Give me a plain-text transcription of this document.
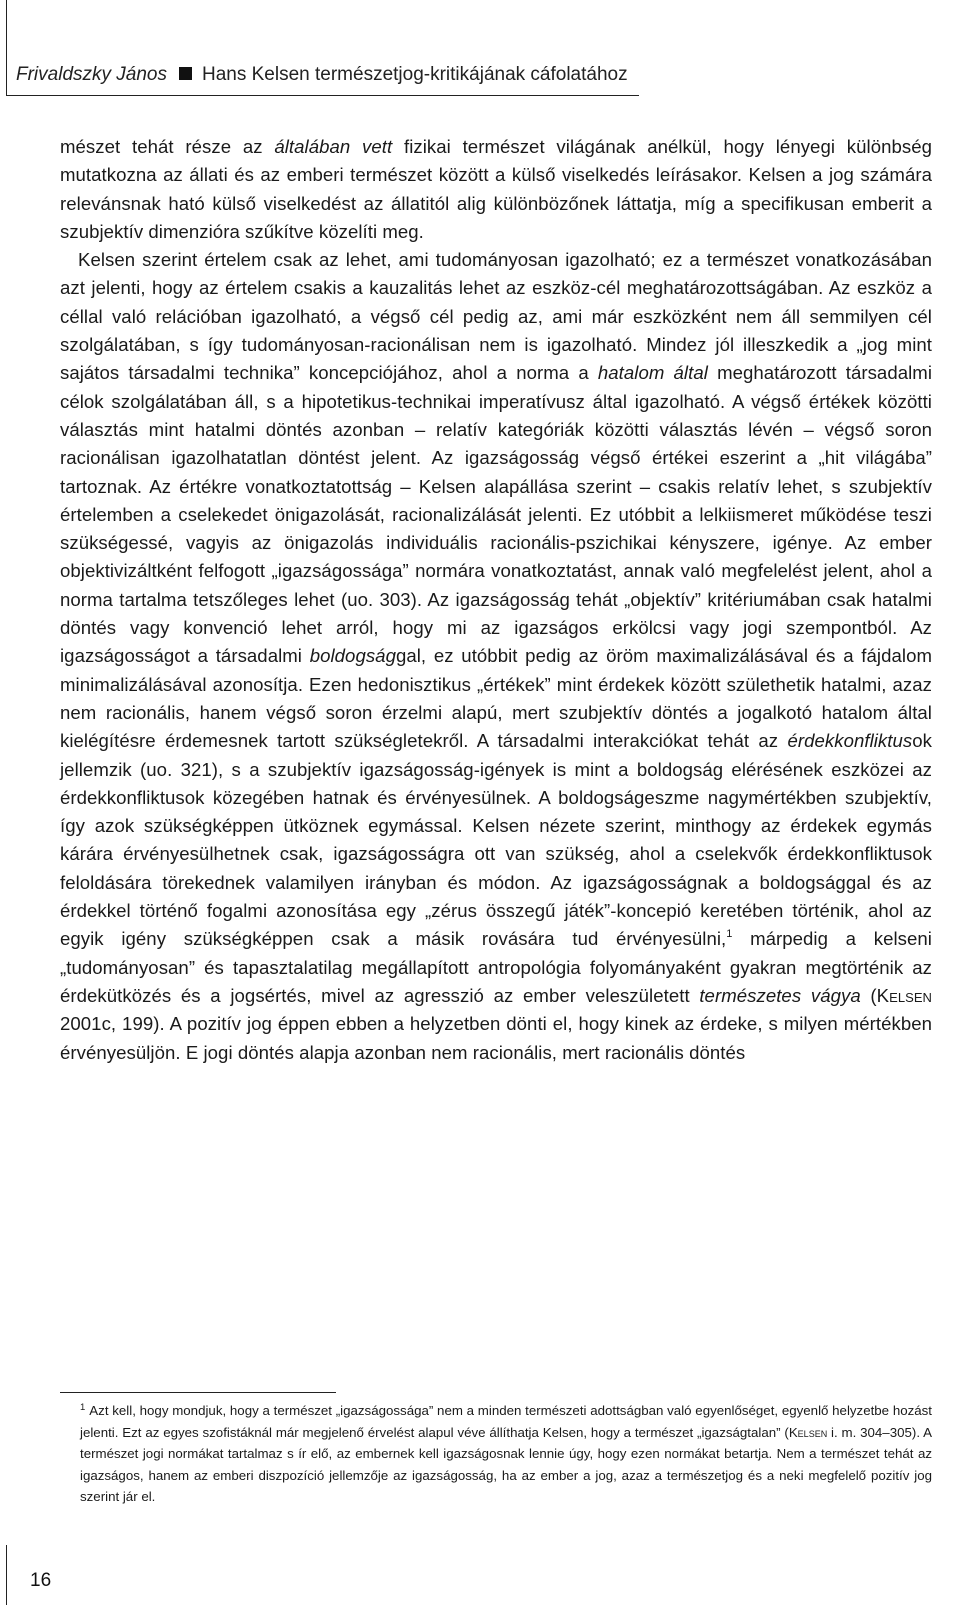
Frivaldszky János Hans Kelsen természetjog-kritikájának cáfolatához

mészet tehát része az általában vett fizikai természet világának anélkül, hogy lényegi különbség mutatkozna az állati és az emberi természet között a külső viselkedés leírásakor. Kelsen a jog számára relevánsnak ható külső viselkedést az állatitól alig különbözőnek láttatja, míg a specifikusan emberit a szubjektív dimenzióra szűkítve közelíti meg.

Kelsen szerint értelem csak az lehet, ami tudományosan igazolható; ez a természet vonatkozásában azt jelenti, hogy az értelem csakis a kauzalitás lehet az eszköz-cél meghatározottságában. Az eszköz a céllal való relációban igazolható, a végső cél pedig az, ami már eszközként nem áll semmilyen cél szolgálatában, s így tudományosan-racionálisan nem is igazolható. Mindez jól illeszkedik a „jog mint sajátos társadalmi technika” koncepciójához, ahol a norma a hatalom által meghatározott társadalmi célok szolgálatában áll, s a hipotetikus-technikai imperatívusz által igazolható. A végső értékek közötti választás mint hatalmi döntés azonban – relatív kategóriák közötti választás lévén – végső soron racionálisan igazolhatatlan döntést jelent. Az igazságosság végső értékei eszerint a „hit világába” tartoznak. Az értékre vonatkoztatottság – Kelsen alapállása szerint – csakis relatív lehet, s szubjektív értelemben a cselekedet önigazolását, racionalizálását jelenti. Ez utóbbit a lelkiismeret működése teszi szükségessé, vagyis az önigazolás individuális racionális-pszichikai kényszere, igénye. Az ember objektivizáltként felfogott „igazságossága” normára vonatkoztatást, annak való megfelelést jelent, ahol a norma tartalma tetszőleges lehet (uo. 303). Az igazságosság tehát „objektív” kritériumában csak hatalmi döntés vagy konvenció lehet arról, hogy mi az igazságos erkölcsi vagy jogi szempontból. Az igazságosságot a társadalmi boldogsággal, ez utóbbit pedig az öröm maximalizálásával és a fájdalom minimalizálásával azonosítja. Ezen hedonisztikus „értékek” mint érdekek között születhetik hatalmi, azaz nem racionális, hanem végső soron érzelmi alapú, mert szubjektív döntés a jogalkotó hatalom által kielégítésre érdemesnek tartott szükségletekről. A társadalmi interakciókat tehát az érdekkonfliktusok jellemzik (uo. 321), s a szubjektív igazságosság-igények is mint a boldogság elérésének eszközei az érdekkonfliktusok közegében hatnak és érvényesülnek. A boldogságeszme nagymértékben szubjektív, így azok szükségképpen ütköznek egymással. Kelsen nézete szerint, minthogy az érdekek egymás kárára érvényesülhetnek csak, igazságosságra ott van szükség, ahol a cselekvők érdekkonfliktusok feloldására törekednek valamilyen irányban és módon. Az igazságosságnak a boldogsággal és az érdekkel történő fogalmi azonosítása egy „zérus összegű játék”-koncepió keretében történik, ahol az egyik igény szükségképpen csak a másik rovására tud érvényesülni,$^1$ márpedig a kelseni „tudományosan” és tapasztalatilag megállapított antropológia folyományaként gyakran megtörténik az érdekütközés és a jogsértés, mivel az agresszió az ember veleszületett természetes vágya (Kelsen 2001c, 199). A pozitív jog éppen ebben a helyzetben dönti el, hogy kinek az érdeke, s milyen mértékben érvényesüljön. E jogi döntés alapja azonban nem racionális, mert racionális döntés

$^1$ Azt kell, hogy mondjuk, hogy a természet „igazságossága” nem a minden természeti adottságban való egyenlőséget, egyenlő helyzetbe hozást jelenti. Ezt az egyes szofistáknál már megjelenő érvelést alapul véve állíthatja Kelsen, hogy a természet „igazságtalan” (Kelsen i. m. 304–305). A természet jogi normákat tartalmaz s ír elő, az embernek kell igazságosnak lennie úgy, hogy ezen normákat betartja. Nem a természet tehát az igazságos, hanem az emberi diszpozíció jellemzője az igazságosság, ha az ember a jog, azaz a természetjog és a neki megfelelő pozitív jog szerint jár el.
16
